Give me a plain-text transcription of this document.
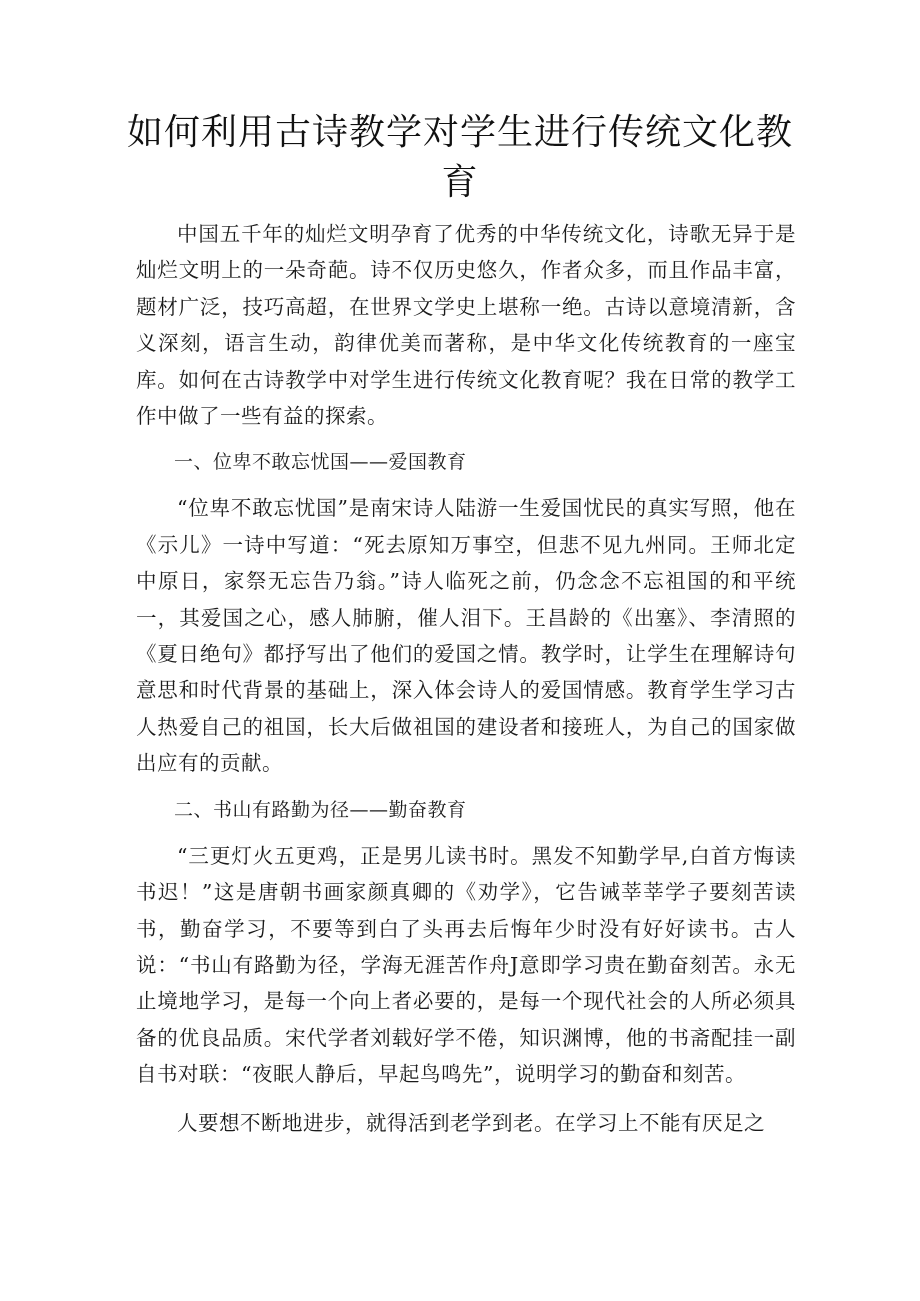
如何利用古诗教学对学生进行传统文化教
育

中国五千年的灿烂文明孕育了优秀的中华传统文化，诗歌无异于是灿烂文明上的一朵奇葩。诗不仅历史悠久，作者众多，而且作品丰富，题材广泛，技巧高超，在世界文学史上堪称一绝。古诗以意境清新，含义深刻，语言生动，韵律优美而著称，是中华文化传统教育的一座宝库。如何在古诗教学中对学生进行传统文化教育呢？我在日常的教学工作中做了一些有益的探索。

一、位卑不敢忘忧国——爱国教育

“位卑不敢忘忧国”是南宋诗人陆游一生爱国忧民的真实写照，他在《示儿》一诗中写道：“死去原知万事空，但悲不见九州同。王师北定中原日，家祭无忘告乃翁。”诗人临死之前，仍念念不忘祖国的和平统一，其爱国之心，感人肺腑，催人泪下。王昌龄的《出塞》、李清照的《夏日绝句》都抒写出了他们的爱国之情。教学时，让学生在理解诗句意思和时代背景的基础上，深入体会诗人的爱国情感。教育学生学习古人热爱自己的祖国，长大后做祖国的建设者和接班人，为自己的国家做出应有的贡献。

二、书山有路勤为径——勤奋教育

“三更灯火五更鸡，正是男儿读书时。黑发不知勤学早,白首方悔读书迟！”这是唐朝书画家颜真卿的《劝学》，它告诫莘莘学子要刻苦读书，勤奋学习，不要等到白了头再去后悔年少时没有好好读书。古人说：“书山有路勤为径，学海无涯苦作舟J意即学习贵在勤奋刻苦。永无止境地学习，是每一个向上者必要的，是每一个现代社会的人所必须具备的优良品质。宋代学者刘载好学不倦，知识渊博，他的书斋配挂一副自书对联：“夜眠人静后，早起鸟鸣先”，说明学习的勤奋和刻苦。

人要想不断地进步，就得活到老学到老。在学习上不能有厌足之
